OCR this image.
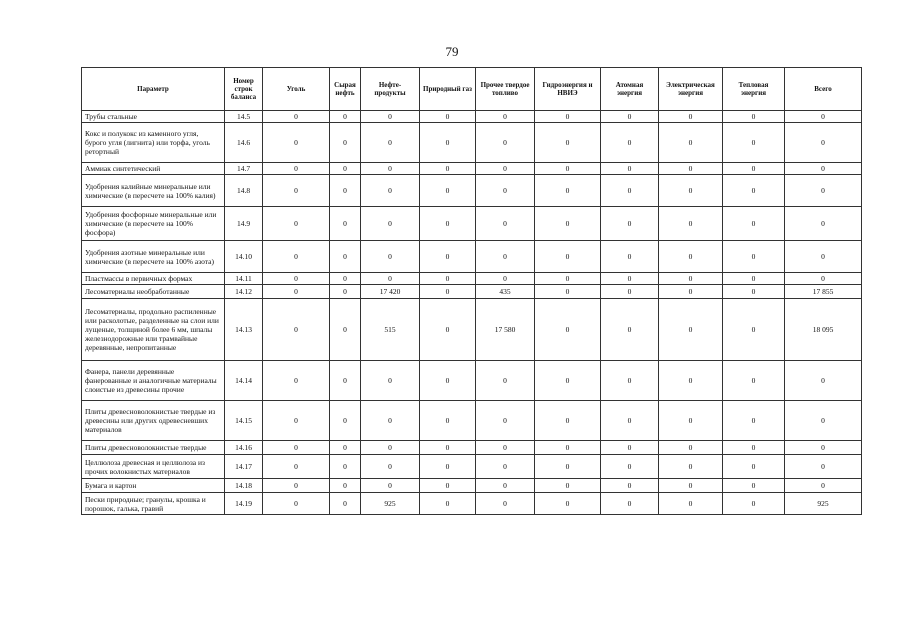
79
Параметр	Номер строк баланса	Уголь	Сырая нефть	Нефте-продукты	Природный газ	Прочее твердое топливо	Гидроэнергия и НВИЭ	Атомная энергия	Электрическая энергия	Тепловая энергия	Всего
Трубы стальные	14.5	0	0	0	0	0	0	0	0	0	0
Кокс и полукокс из каменного угля, бурого угля (лигнита) или торфа, уголь ретортный	14.6	0	0	0	0	0	0	0	0	0	0
Аммиак синтетический	14.7	0	0	0	0	0	0	0	0	0	0
Удобрения калийные минеральные или химические (в пересчете на 100% калия)	14.8	0	0	0	0	0	0	0	0	0	0
Удобрения фосфорные минеральные или химические (в пересчете на 100% фосфора)	14.9	0	0	0	0	0	0	0	0	0	0
Удобрения азотные минеральные или химические (в пересчете на 100% азота)	14.10	0	0	0	0	0	0	0	0	0	0
Пластмассы в первичных формах	14.11	0	0	0	0	0	0	0	0	0	0
Лесоматериалы необработанные	14.12	0	0	17 420	0	435	0	0	0	0	17 855
Лесоматериалы, продольно распиленные или расколотые, разделенные на слои или лущеные, толщиной более 6 мм, шпалы железнодорожные или трамвайные деревянные, непропитанные	14.13	0	0	515	0	17 580	0	0	0	0	18 095
Фанера, панели деревянные фанерованные и аналогичные материалы слоистые из древесины прочие	14.14	0	0	0	0	0	0	0	0	0	0
Плиты древесноволокнистые твердые из древесины или других одревесневших материалов	14.15	0	0	0	0	0	0	0	0	0	0
Плиты древесноволокнистые твердые	14.16	0	0	0	0	0	0	0	0	0	0
Целлюлоза древесная и целлюлоза из прочих волокнистых материалов	14.17	0	0	0	0	0	0	0	0	0	0
Бумага и картон	14.18	0	0	0	0	0	0	0	0	0	0
Пески природные; гранулы, крошка и порошок, галька, гравий	14.19	0	0	925	0	0	0	0	0	0	925
